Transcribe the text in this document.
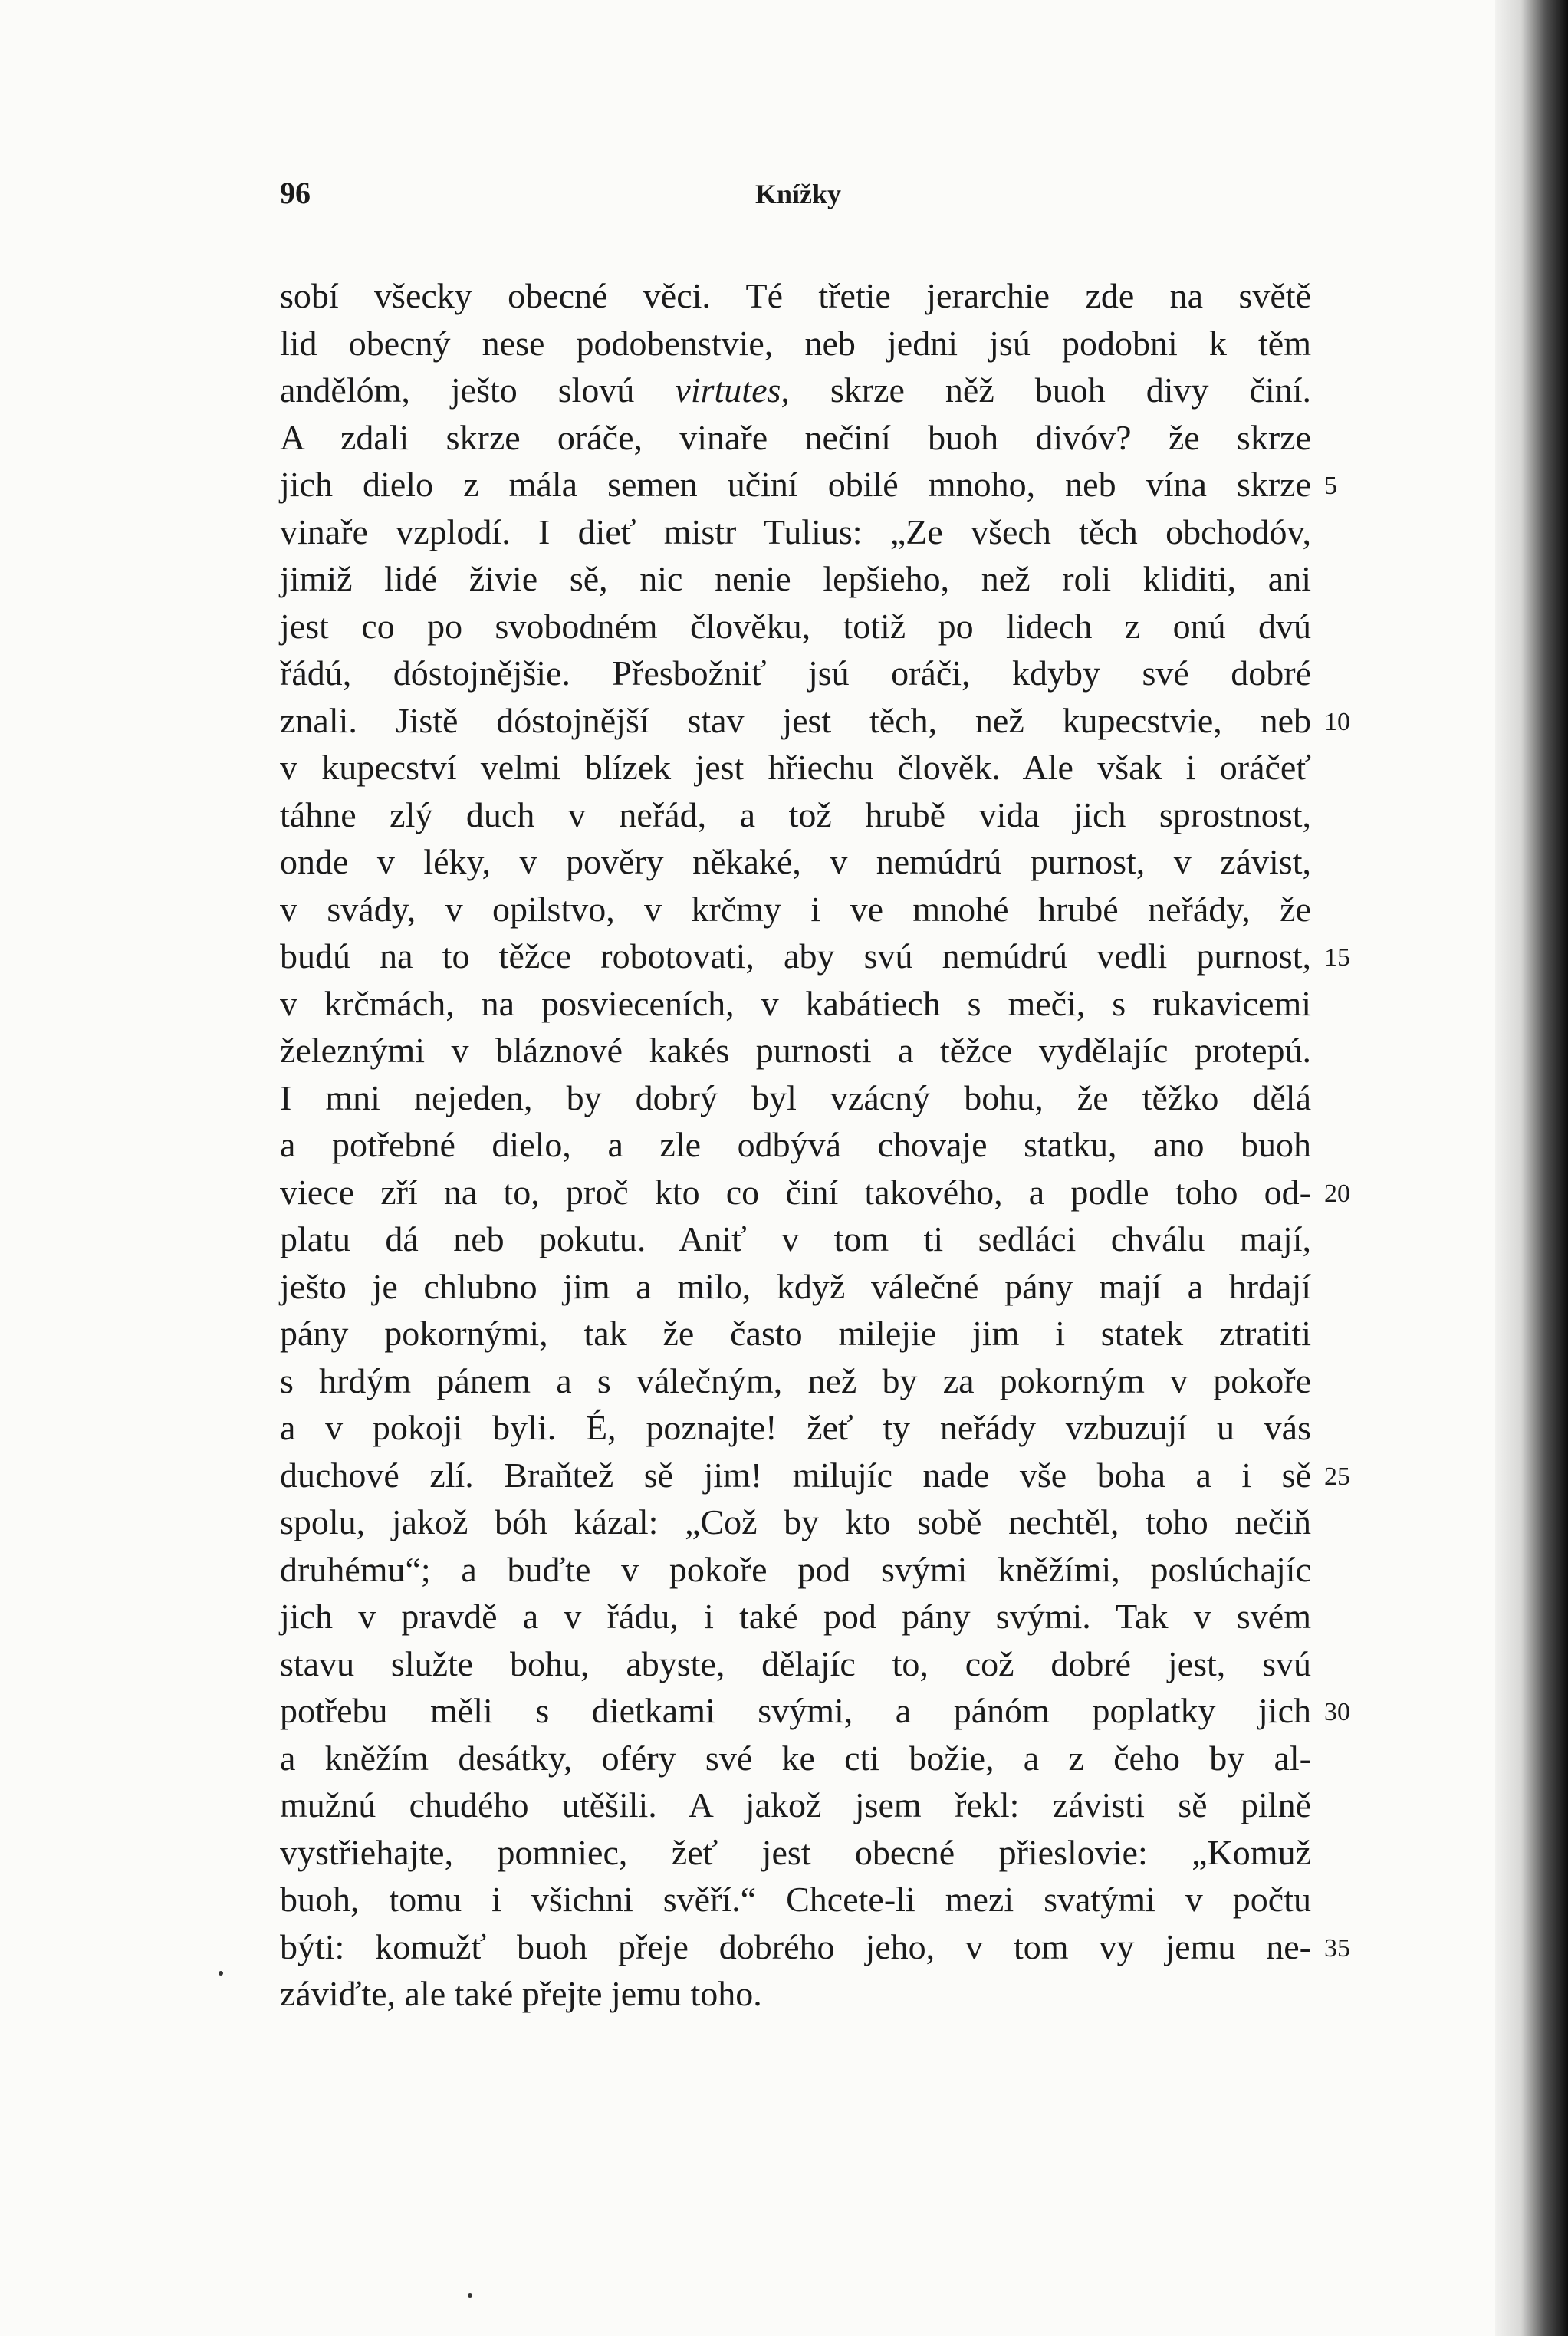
96	Knížky
sobí všecky obecné věci. Té třetie jerarchie zde na světě
lid obecný nese podobenstvie, neb jedni jsú podobni k těm
andělóm, ješto slovú virtutes, skrze něž buoh divy činí.
A zdali skrze oráče, vinaře nečiní buoh divóv? že skrze
jich dielo z mála semen učiní obilé mnoho, neb vína skrze 5
vinaře vzplodí. I dieť mistr Tulius: „Ze všech těch obchodóv,
jimiž lidé živie sě, nic nenie lepšieho, než roli kliditi, ani
jest co po svobodném člověku, totiž po lidech z onú dvú
řádú, dóstojnějšie. Přesbožniť jsú oráči, kdyby své dobré
znali. Jistě dóstojnější stav jest těch, než kupecstvie, neb 10
v kupecství velmi blízek jest hřiechu člověk. Ale však i oráčeť
táhne zlý duch v neřád, a tož hrubě vida jich sprostnost,
onde v léky, v pověry někaké, v nemúdrú purnost, v závist,
v svády, v opilstvo, v krčmy i ve mnohé hrubé neřády, že
budú na to těžce robotovati, aby svú nemúdrú vedli purnost, 15
v krčmách, na posvieceních, v kabátiech s meči, s rukavicemi
železnými v bláznové kakés purnosti a těžce vydělajíc protepú.
I mni nejeden, by dobrý byl vzácný bohu, že těžko dělá
a potřebné dielo, a zle odbývá chovaje statku, ano buoh
viece zří na to, proč kto co činí takového, a podle toho od- 20
platu dá neb pokutu. Aniť v tom ti sedláci chválu mají,
ješto je chlubno jim a milo, když válečné pány mají a hrdají
pány pokornými, tak že často milejie jim i statek ztratiti
s hrdým pánem a s válečným, než by za pokorným v pokoře
a v pokoji byli. É, poznajte! žeť ty neřády vzbuzují u vás
duchové zlí. Braňtež sě jim! milujíc nade vše boha a i sě 25
spolu, jakož bóh kázal: „Což by kto sobě nechtěl, toho nečiň
druhému“; a buďte v pokoře pod svými kněžími, poslúchajíc
jich v pravdě a v řádu, i také pod pány svými. Tak v svém
stavu služte bohu, abyste, dělajíc to, což dobré jest, svú
potřebu měli s dietkami svými, a pánóm poplatky jich 30
a kněžím desátky, oféry své ke cti božie, a z čeho by al-
mužnú chudého utěšili. A jakož jsem řekl: závisti sě pilně
vystřiehajte, pomniec, žeť jest obecné přieslovie: „Komuž
buoh, tomu i všichni svěří.“ Chcete-li mezi svatými v počtu
býti: komužť buoh přeje dobrého jeho, v tom vy jemu ne- 35
záviďte, ale také přejte jemu toho.
